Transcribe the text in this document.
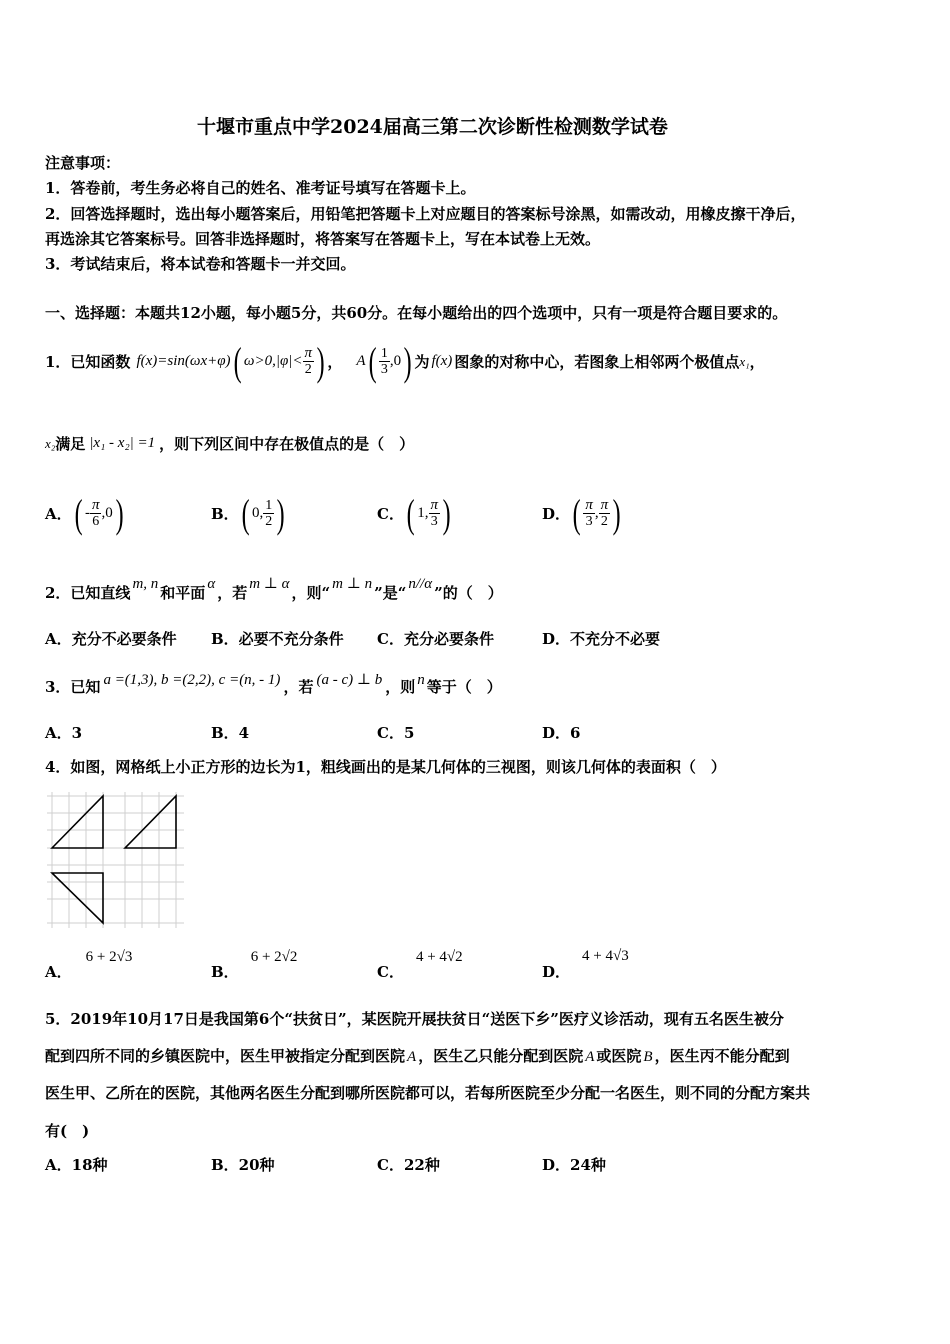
十堰市重点中学2024届高三第二次诊断性检测数学试卷
注意事项：
1．答卷前，考生务必将自己的姓名、准考证号填写在答题卡上。
2．回答选择题时，选出每小题答案后，用铅笔把答题卡上对应题目的答案标号涂黑，如需改动，用橡皮擦干净后，
再选涂其它答案标号。回答非选择题时，将答案写在答题卡上，写在本试卷上无效。
3．考试结束后，将本试卷和答题卡一并交回。
一、选择题：本题共12小题，每小题5分，共60分。在每小题给出的四个选项中，只有一项是符合题目要求的。
1．已知函数 f(x)=sin(ωx+φ) ( $\omega>0,|\varphi|< \frac{\pi}{2}$ ) ， A ( $\frac{1}{3} ,0$ ) 为 f(x) 图象的对称中心，若图象上相邻两个极值点 x₁ ，
x₂ 满足 |x₁ - x₂| =1 ，则下列区间中存在极值点的是（　）
A． ( - $\frac{\pi}{6} ,0$ )	B． ( 0, $\frac{1}{2}$ )	C． ( 1, $\frac{\pi}{3}$ )	D． ( $\frac{\pi}{3}$ , $\frac{\pi}{2}$ )
2．已知直线 m, n 和平面 α ，若 m ⊥ α ，则“ m ⊥ n ”是“ n//α ”的（　）
A．充分不必要条件 B．必要不充分条件 C．充分必要条件	D．不充分不必要
3．已知 a =(1,3), b =(2,2), c =(n, - 1) ，若 (a - c) ⊥ b ，则 n 等于（　）
A．3	B．4	C．5	D．6
4．如图，网格纸上小正方形的边长为1，粗线画出的是某几何体的三视图，则该几何体的表面积（　）
A．
6 + 2√3
B．
6 + 2√2
C．
4 + 4√2
D．
4 + 4√3
5．2019年10月17日是我国第6个“扶贫日”，某医院开展扶贫日“送医下乡”医疗义诊活动，现有五名医生被分
配到四所不同的乡镇医院中，医生甲被指定分配到医院 A ，医生乙只能分配到医院 A 或医院 B ，医生丙不能分配到
医生甲、乙所在的医院，其他两名医生分配到哪所医院都可以，若每所医院至少分配一名医生，则不同的分配方案共
有(　)
A．18种	B．20种	C．22种	D．24种
